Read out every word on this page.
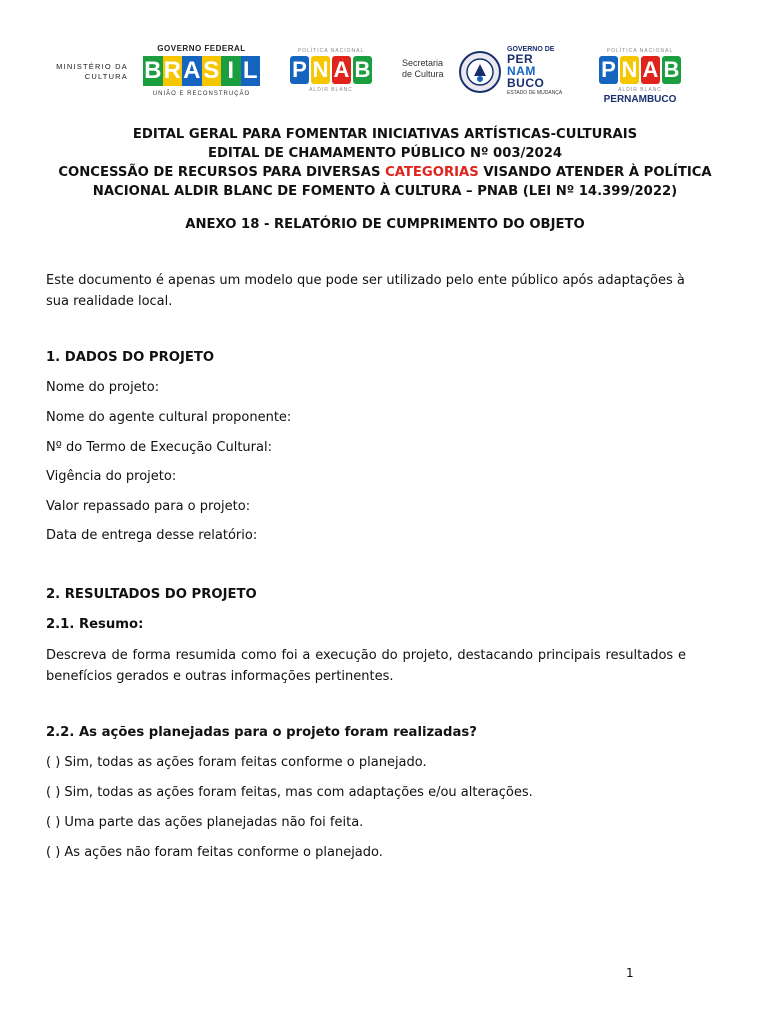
MINISTÉRIO DA
CULTURA
GOVERNO FEDERAL
B R A S I L
UNIÃO E RECONSTRUÇÃO
POLÍTICA NACIONAL
P N A B
ALDIR BLANC
Secretaria
de Cultura
GOVERNO DE
PER
NAM
BUCO
ESTADO DE MUDANÇA
POLÍTICA NACIONAL
P N A B
ALDIR BLANC
PERNAMBUCO
EDITAL GERAL PARA FOMENTAR INICIATIVAS ARTÍSTICAS-CULTURAIS
EDITAL DE CHAMAMENTO PÚBLICO Nº 003/2024
CONCESSÃO DE RECURSOS PARA DIVERSAS CATEGORIAS VISANDO ATENDER À POLÍTICA
NACIONAL ALDIR BLANC DE FOMENTO À CULTURA – PNAB (LEI Nº 14.399/2022)
ANEXO 18 - RELATÓRIO DE CUMPRIMENTO DO OBJETO
Este documento é apenas um modelo que pode ser utilizado pelo ente público após adaptações à sua realidade local.
1. DADOS DO PROJETO
Nome do projeto:
Nome do agente cultural proponente:
Nº do Termo de Execução Cultural:
Vigência do projeto:
Valor repassado para o projeto:
Data de entrega desse relatório:
2. RESULTADOS DO PROJETO
2.1. Resumo:
Descreva de forma resumida como foi a execução do projeto, destacando principais resultados e benefícios gerados e outras informações pertinentes.
2.2. As ações planejadas para o projeto foram realizadas?
( ) Sim, todas as ações foram feitas conforme o planejado.
( ) Sim, todas as ações foram feitas, mas com adaptações e/ou alterações.
( ) Uma parte das ações planejadas não foi feita.
( ) As ações não foram feitas conforme o planejado.
1
